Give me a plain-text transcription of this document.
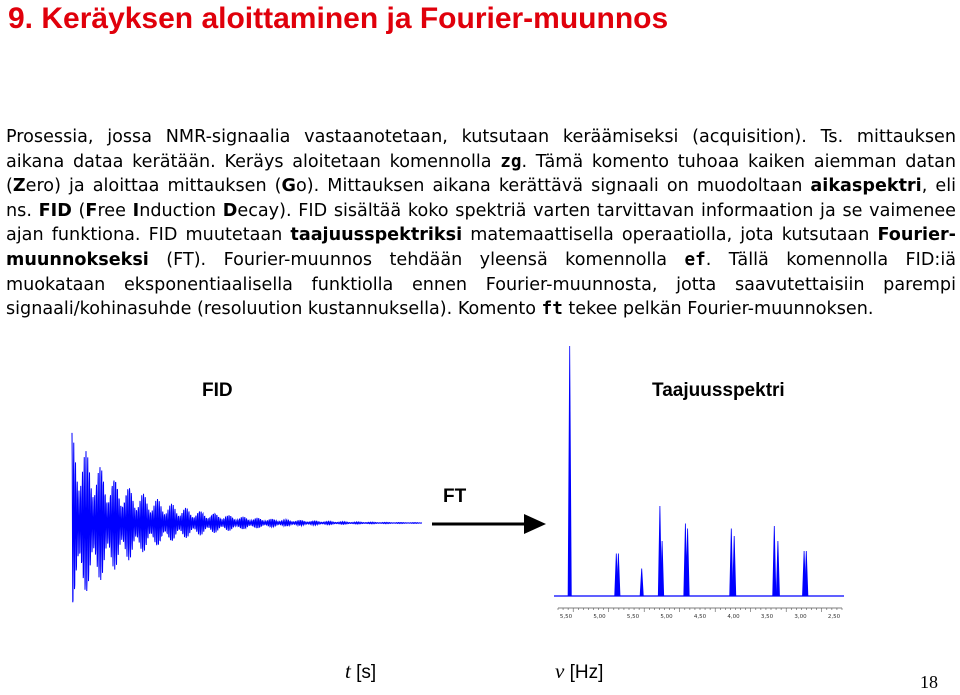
9. Keräyksen aloittaminen ja Fourier-muunnos
Prosessia, jossa NMR-signaalia vastaanotetaan, kutsutaan keräämiseksi (acquisition). Ts. mittauksen
aikana dataa kerätään. Keräys aloitetaan komennolla zg. Tämä komento tuhoaa kaiken aiemman datan
(Zero) ja aloittaa mittauksen (Go). Mittauksen aikana kerättävä signaali on muodoltaan aikaspektri, eli
ns. FID (Free Induction Decay). FID sisältää koko spektriä varten tarvittavan informaation ja se vaimenee
ajan funktiona. FID muutetaan taajuusspektriksi matemaattisella operaatiolla, jota kutsutaan Fourier-
muunnokseksi (FT). Fourier-muunnos tehdään yleensä komennolla ef. Tällä komennolla FID:iä
muokataan eksponentiaalisella funktiolla ennen Fourier-muunnosta, jotta saavutettaisiin parempi
signaali/kohinasuhde (resoluution kustannuksella). Komento ft tekee pelkän Fourier-muunnoksen.
FID	Taajuusspektri
FT
5,50	5,00	5,50	5,00	4,50	4,00	3,50	3,00	2,50
t [s]	ν [Hz]	18
